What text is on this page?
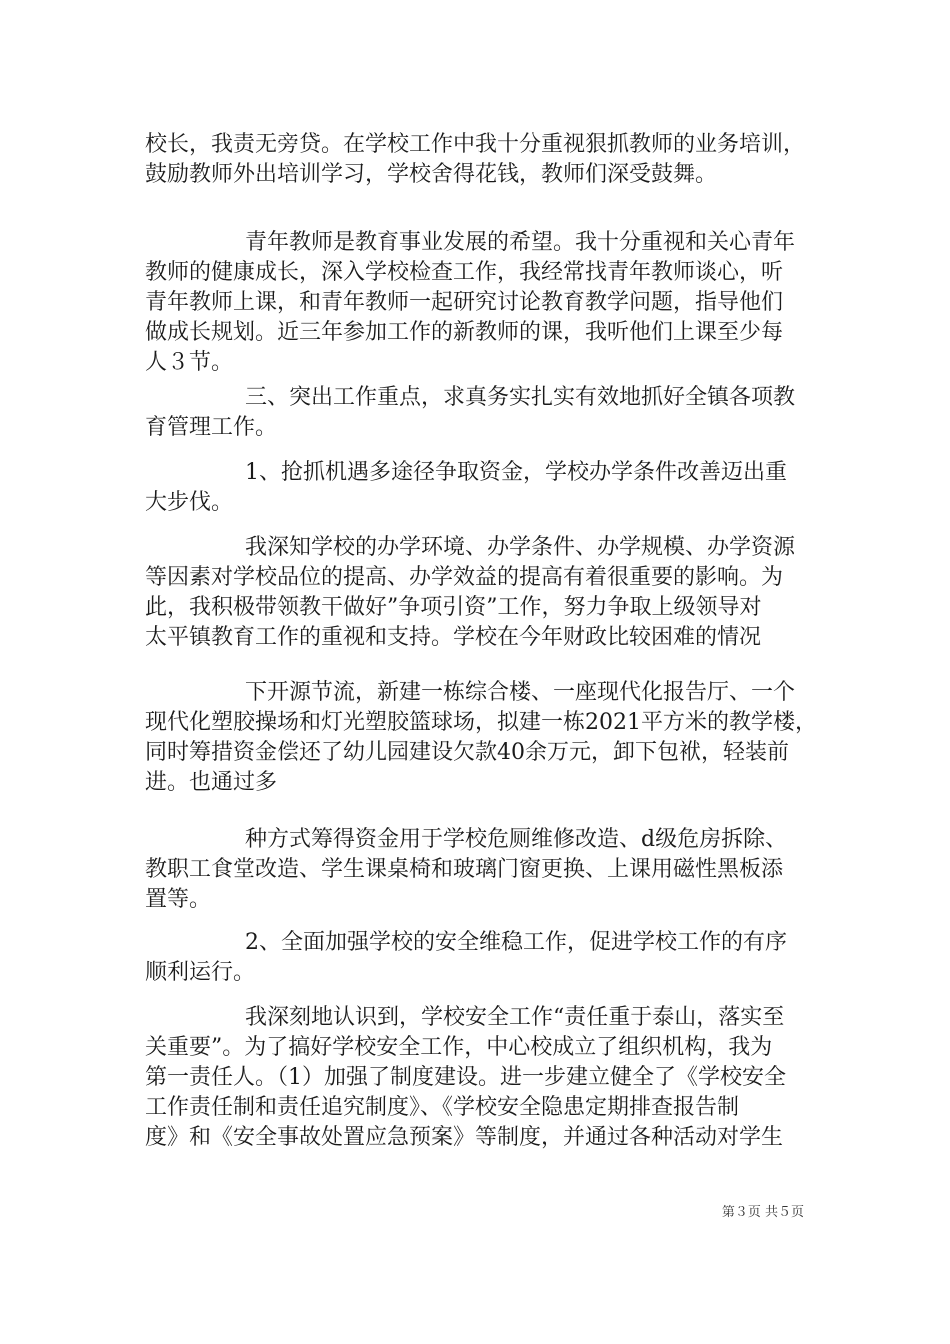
校长，我责无旁贷。在学校工作中我十分重视狠抓教师的业务培训，
鼓励教师外出培训学习，学校舍得花钱，教师们深受鼓舞。
青年教师是教育事业发展的希望。我十分重视和关心青年
教师的健康成长，深入学校检查工作，我经常找青年教师谈心，听
青年教师上课，和青年教师一起研究讨论教育教学问题，指导他们
做成长规划。近三年参加工作的新教师的课，我听他们上课至少每
人３节。
三、突出工作重点，求真务实扎实有效地抓好全镇各项教
育管理工作。
1、抢抓机遇多途径争取资金，学校办学条件改善迈出重
大步伐。
我深知学校的办学环境、办学条件、办学规模、办学资源
等因素对学校品位的提高、办学效益的提高有着很重要的影响。为
此，我积极带领教干做好”争项引资”工作，努力争取上级领导对
太平镇教育工作的重视和支持。学校在今年财政比较困难的情况
下开源节流，新建一栋综合楼、一座现代化报告厅、一个
现代化塑胶操场和灯光塑胶篮球场，拟建一栋2021平方米的教学楼，
同时筹措资金偿还了幼儿园建设欠款40余万元，卸下包袱，轻装前
进。也通过多
种方式筹得资金用于学校危厕维修改造、d级危房拆除、
教职工食堂改造、学生课桌椅和玻璃门窗更换、上课用磁性黑板添
置等。
2、全面加强学校的安全维稳工作，促进学校工作的有序
顺利运行。
我深刻地认识到，学校安全工作“责任重于泰山，落实至
关重要”。为了搞好学校安全工作，中心校成立了组织机构，我为
第一责任人。（1）加强了制度建设。进一步建立健全了《学校安全
工作责任制和责任追究制度》、《学校安全隐患定期排查报告制
度》和《安全事故处置应急预案》等制度，并通过各种活动对学生
第３页 共５页
